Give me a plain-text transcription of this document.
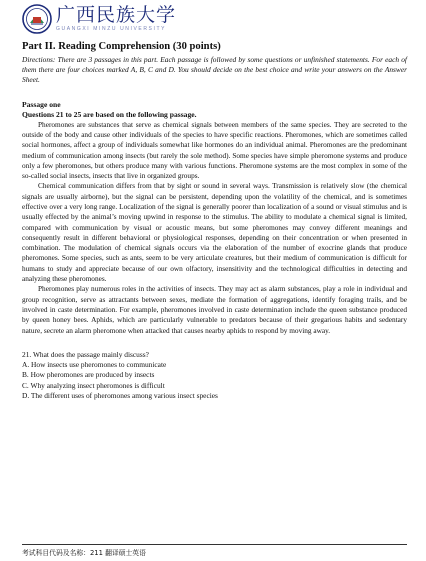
广西民族大学
GUANGXI MINZU UNIVERSITY

Part II. Reading Comprehension (30 points)

Directions: There are 3 passages in this part. Each passage is followed by some questions or unfinished statements. For each of them there are four choices marked A, B, C and D. You should decide on the best choice and write your answers on the Answer Sheet.

Passage one

Questions 21 to 25 are based on the following passage.

Pheromones are substances that serve as chemical signals between members of the same species. They are secreted to the outside of the body and cause other individuals of the species to have specific reactions. Pheromones, which are sometimes called social hormones, affect a group of individuals somewhat like hormones do an individual animal. Pheromones are the predominant medium of communication among insects (but rarely the sole method). Some species have simple pheromone systems and produce only a few pheromones, but others produce many with various functions. Pheromone systems are the most complex in some of the so-called social insects, insects that live in organized groups.

Chemical communication differs from that by sight or sound in several ways. Transmission is relatively slow (the chemical signals are usually airborne), but the signal can be persistent, depending upon the volatility of the chemical, and is sometimes effective over a very long range. Localization of the signal is generally poorer than localization of a sound or visual stimulus and is usually effected by the animal’s moving upwind in response to the stimulus. The ability to modulate a chemical signal is limited, compared with communication by visual or acoustic means, but some pheromones may convey different meanings and consequently result in different behavioral or physiological responses, depending on their concentration or when presented in combination. The modulation of chemical signals occurs via the elaboration of the number of exocrine glands that produce pheromones. Some species, such as ants, seem to be very articulate creatures, but their medium of communication is difficult for humans to study and appreciate because of our own olfactory, insensitivity and the technological difficulties in detecting and analyzing these pheromones.

Pheromones play numerous roles in the activities of insects. They may act as alarm substances, play a role in individual and group recognition, serve as attractants between sexes, mediate the formation of aggregations, identify foraging trails, and be involved in caste determination. For example, pheromones involved in caste determination include the queen substance produced by queen honey bees. Aphids, which are particularly vulnerable to predators because of their gregarious habits and sedentary nature, secrete an alarm pheromone when attacked that causes nearby aphids to respond by moving away.

21. What does the passage mainly discuss?
A. How insects use pheromones to communicate
B. How pheromones are produced by insects
C. Why analyzing insect pheromones is difficult
D. The different uses of pheromones among various insect species
考试科目代码及名称：211 翻译硕士英语
